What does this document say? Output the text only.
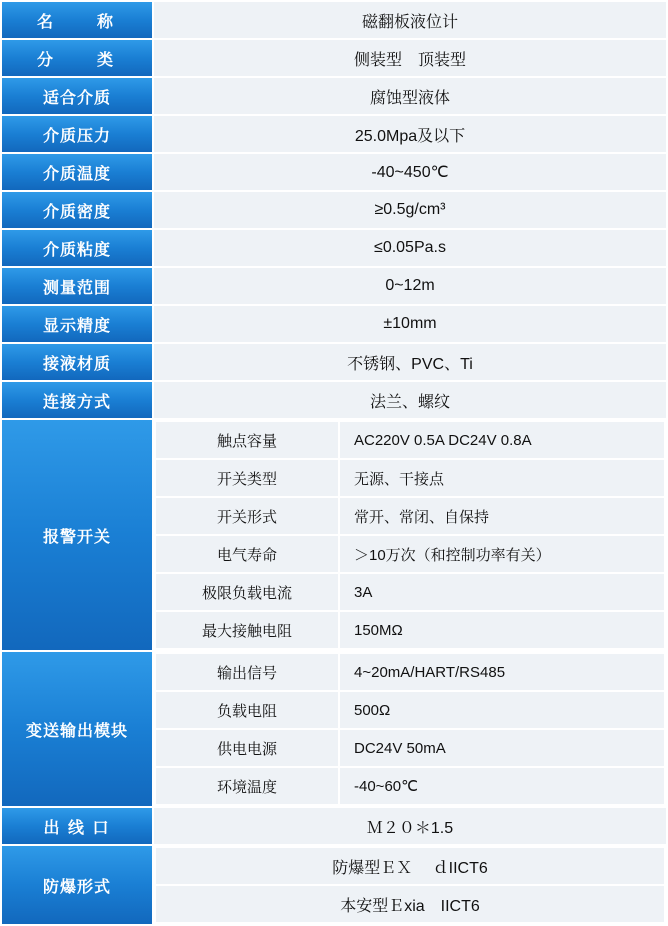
名　　称	磁翻板液位计
分　　类	侧装型　顶装型
适合介质	腐蚀型液体
介质压力	25.0Mpa及以下
介质温度	-40~450℃
介质密度	≥0.5g/cm³
介质粘度	≤0.05Pa.s
测量范围	0~12m
显示精度	±10mm
接液材质	不锈钢、PVC、Ti
连接方式	法兰、螺纹
报警开关	
触点容量	AC220V 0.5A DC24V 0.8A
开关类型	无源、干接点
开关形式	常开、常闭、自保持
电气寿命	＞10万次（和控制功率有关）
极限负载电流	3A
最大接触电阻	150MΩ

变送输出模块	
输出信号	4~20mA/HART/RS485
负载电阻	500Ω
供电电源	DC24V 50mA
环境温度	-40~60℃

出 线 口	Ｍ２０＊1.5
防爆形式	
防爆型ＥＸ　 ｄIICT6
本安型Ｅxia　IICT6
